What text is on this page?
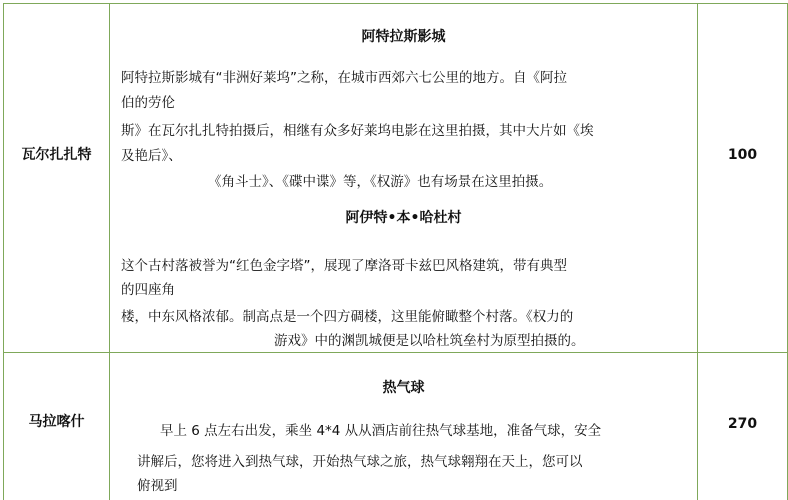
瓦尔扎扎特	100
阿特拉斯影城
阿特拉斯影城有“非洲好莱坞”之称，在城市西郊六七公里的地方。自《阿拉
伯的劳伦
斯》在瓦尔扎扎特拍摄后，相继有众多好莱坞电影在这里拍摄，其中大片如《埃
及艳后》、
《角斗士》、《碟中谍》等，《权游》也有场景在这里拍摄。
阿伊特•本•哈杜村
这个古村落被誉为“红色金字塔”，展现了摩洛哥卡兹巴风格建筑，带有典型
的四座角
楼，中东风格浓郁。制高点是一个四方碉楼，这里能俯瞰整个村落。《权力的
游戏》中的渊凯城便是以哈杜筑垒村为原型拍摄的。
马拉喀什	270
热气球
早上 6 点左右出发，乘坐 4*4 从从酒店前往热气球基地，准备气球，安全
讲解后，您将进入到热气球，开始热气球之旅，热气球翱翔在天上，您可以
俯视到
